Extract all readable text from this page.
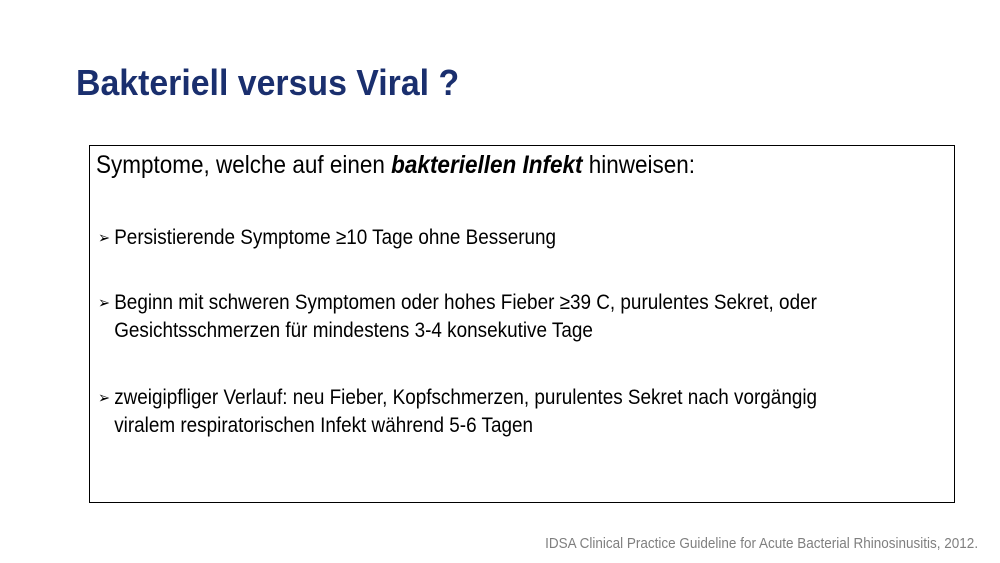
Bakteriell versus Viral ?

Symptome, welche auf einen bakteriellen Infekt hinweisen:

➢ Persistierende Symptome ≥10 Tage ohne Besserung

➢ Beginn mit schweren Symptomen oder hohes Fieber ≥39 C, purulentes Sekret, oder
Gesichtsschmerzen für mindestens 3-4 konsekutive Tage

➢ zweigipfliger Verlauf: neu Fieber, Kopfschmerzen, purulentes Sekret nach vorgängig
viralem respiratorischen Infekt während 5-6 Tagen

IDSA Clinical Practice Guideline for Acute Bacterial Rhinosinusitis, 2012.
